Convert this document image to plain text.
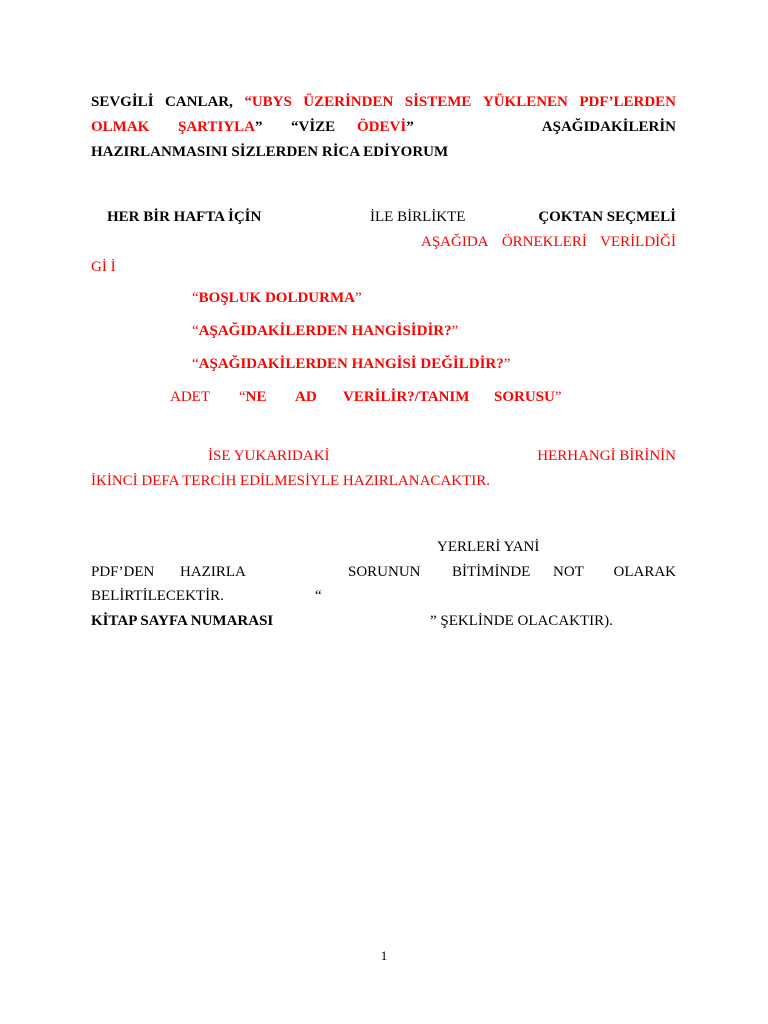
SEVGİLİ CANLAR, “UBYS ÜZERİNDEN SİSTEME YÜKLENEN PDF’LERDEN
OLMAK ŞARTIYLA” “VİZE ÖDEVİ”	AŞAĞIDAKİLERİN
HAZIRLANMASINI SİZLERDEN RİCA EDİYORUM
HER BİR HAFTA İÇİN	İLE BİRLİKTE	ÇOKTAN SEÇMELİ
AŞAĞIDA ÖRNEKLERİ VERİLDİĞİ
Gİ İ
“BOŞLUK DOLDURMA”
“AŞAĞIDAKİLERDEN HANGİSİDİR?”
“AŞAĞIDAKİLERDEN HANGİSİ DEĞİLDİR?”
ADET “NE AD VERİLİR?/TANIM SORUSU”
İSE YUKARIDAKİ	HERHANGİ BİRİNİN
İKİNCİ DEFA TERCİH EDİLMESİYLE HAZIRLANACAKTIR.
YERLERİ YANİ
PDF’DEN HAZIRLA	SORUNUN BİTİMİNDE NOT OLARAK
BELİRTİLECEKTİR.	“
KİTAP SAYFA NUMARASI	” ŞEKLİNDE OLACAKTIR).
1
